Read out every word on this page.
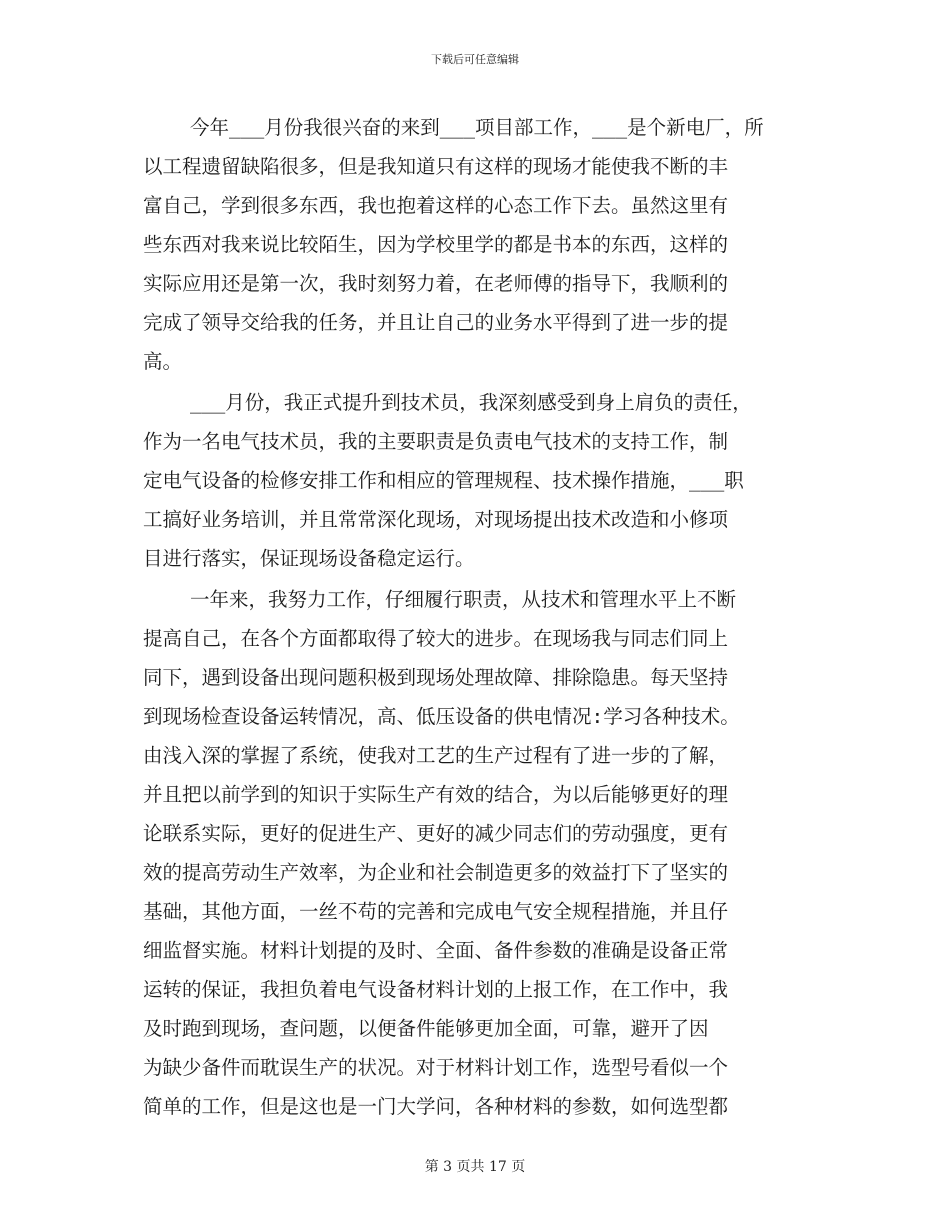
下载后可任意编辑
今年___月份我很兴奋的来到___项目部工作，___是个新电厂，所
以工程遗留缺陷很多，但是我知道只有这样的现场才能使我不断的丰
富自己，学到很多东西，我也抱着这样的心态工作下去。虽然这里有
些东西对我来说比较陌生，因为学校里学的都是书本的东西，这样的
实际应用还是第一次，我时刻努力着，在老师傅的指导下，我顺利的
完成了领导交给我的任务，并且让自己的业务水平得到了进一步的提
高。
___月份，我正式提升到技术员，我深刻感受到身上肩负的责任，
作为一名电气技术员，我的主要职责是负责电气技术的支持工作，制
定电气设备的检修安排工作和相应的管理规程、技术操作措施，___职
工搞好业务培训，并且常常深化现场，对现场提出技术改造和小修项
目进行落实，保证现场设备稳定运行。
一年来，我努力工作，仔细履行职责，从技术和管理水平上不断
提高自己，在各个方面都取得了较大的进步。在现场我与同志们同上
同下，遇到设备出现问题积极到现场处理故障、排除隐患。每天坚持
到现场检查设备运转情况，高、低压设备的供电情况:学习各种技术。
由浅入深的掌握了系统，使我对工艺的生产过程有了进一步的了解，
并且把以前学到的知识于实际生产有效的结合，为以后能够更好的理
论联系实际，更好的促进生产、更好的减少同志们的劳动强度，更有
效的提高劳动生产效率，为企业和社会制造更多的效益打下了坚实的
基础，其他方面，一丝不苟的完善和完成电气安全规程措施，并且仔
细监督实施。材料计划提的及时、全面、备件参数的准确是设备正常
运转的保证，我担负着电气设备材料计划的上报工作，在工作中，我
及时跑到现场，查问题，以便备件能够更加全面，可靠，避开了因
为缺少备件而耽误生产的状况。对于材料计划工作，选型号看似一个
简单的工作，但是这也是一门大学问，各种材料的参数，如何选型都
第 3 页共 17 页
